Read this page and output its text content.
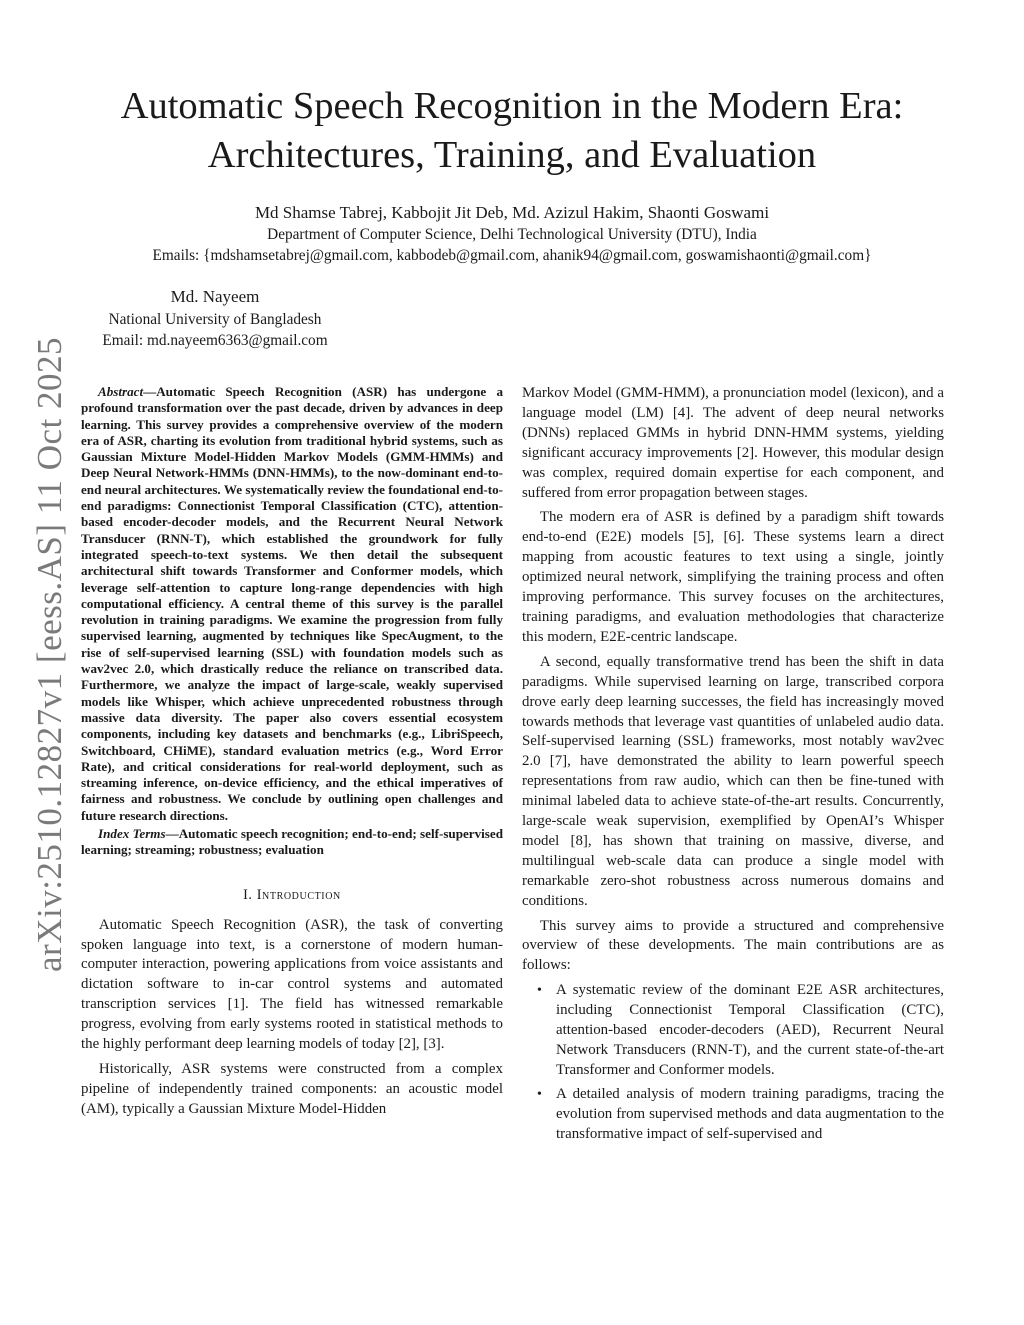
arXiv:2510.12827v1 [eess.AS] 11 Oct 2025
Automatic Speech Recognition in the Modern Era:
Architectures, Training, and Evaluation
Md Shamse Tabrej, Kabbojit Jit Deb, Md. Azizul Hakim, Shaonti Goswami
Department of Computer Science, Delhi Technological University (DTU), India
Emails: {mdshamsetabrej@gmail.com, kabbodeb@gmail.com, ahanik94@gmail.com, goswamishaonti@gmail.com}
Md. Nayeem
National University of Bangladesh
Email: md.nayeem6363@gmail.com

Abstract—Automatic Speech Recognition (ASR) has undergone a profound transformation over the past decade, driven by advances in deep learning. This survey provides a comprehensive overview of the modern era of ASR, charting its evolution from traditional hybrid systems, such as Gaussian Mixture Model-Hidden Markov Models (GMM-HMMs) and Deep Neural Network-HMMs (DNN-HMMs), to the now-dominant end-to-end neural architectures. We systematically review the foundational end-to-end paradigms: Connectionist Temporal Classification (CTC), attention-based encoder-decoder models, and the Recurrent Neural Network Transducer (RNN-T), which established the groundwork for fully integrated speech-to-text systems. We then detail the subsequent architectural shift towards Transformer and Conformer models, which leverage self-attention to capture long-range dependencies with high computational efficiency. A central theme of this survey is the parallel revolution in training paradigms. We examine the progression from fully supervised learning, augmented by techniques like SpecAugment, to the rise of self-supervised learning (SSL) with foundation models such as wav2vec 2.0, which drastically reduce the reliance on transcribed data. Furthermore, we analyze the impact of large-scale, weakly supervised models like Whisper, which achieve unprecedented robustness through massive data diversity. The paper also covers essential ecosystem components, including key datasets and benchmarks (e.g., LibriSpeech, Switchboard, CHiME), standard evaluation metrics (e.g., Word Error Rate), and critical considerations for real-world deployment, such as streaming inference, on-device efficiency, and the ethical imperatives of fairness and robustness. We conclude by outlining open challenges and future research directions.

Index Terms—Automatic speech recognition; end-to-end; self-supervised learning; streaming; robustness; evaluation

I. Introduction

Automatic Speech Recognition (ASR), the task of converting spoken language into text, is a cornerstone of modern human-computer interaction, powering applications from voice assistants and dictation software to in-car control systems and automated transcription services [1]. The field has witnessed remarkable progress, evolving from early systems rooted in statistical methods to the highly performant deep learning models of today [2], [3].

Historically, ASR systems were constructed from a complex pipeline of independently trained components: an acoustic model (AM), typically a Gaussian Mixture Model-Hidden

Markov Model (GMM-HMM), a pronunciation model (lexicon), and a language model (LM) [4]. The advent of deep neural networks (DNNs) replaced GMMs in hybrid DNN-HMM systems, yielding significant accuracy improvements [2]. However, this modular design was complex, required domain expertise for each component, and suffered from error propagation between stages.

The modern era of ASR is defined by a paradigm shift towards end-to-end (E2E) models [5], [6]. These systems learn a direct mapping from acoustic features to text using a single, jointly optimized neural network, simplifying the training process and often improving performance. This survey focuses on the architectures, training paradigms, and evaluation methodologies that characterize this modern, E2E-centric landscape.

A second, equally transformative trend has been the shift in data paradigms. While supervised learning on large, transcribed corpora drove early deep learning successes, the field has increasingly moved towards methods that leverage vast quantities of unlabeled audio data. Self-supervised learning (SSL) frameworks, most notably wav2vec 2.0 [7], have demonstrated the ability to learn powerful speech representations from raw audio, which can then be fine-tuned with minimal labeled data to achieve state-of-the-art results. Concurrently, large-scale weak supervision, exemplified by OpenAI’s Whisper model [8], has shown that training on massive, diverse, and multilingual web-scale data can produce a single model with remarkable zero-shot robustness across numerous domains and conditions.

This survey aims to provide a structured and comprehensive overview of these developments. The main contributions are as follows:

• A systematic review of the dominant E2E ASR architectures, including Connectionist Temporal Classification (CTC), attention-based encoder-decoders (AED), Recurrent Neural Network Transducers (RNN-T), and the current state-of-the-art Transformer and Conformer models.
• A detailed analysis of modern training paradigms, tracing the evolution from supervised methods and data augmentation to the transformative impact of self-supervised and
